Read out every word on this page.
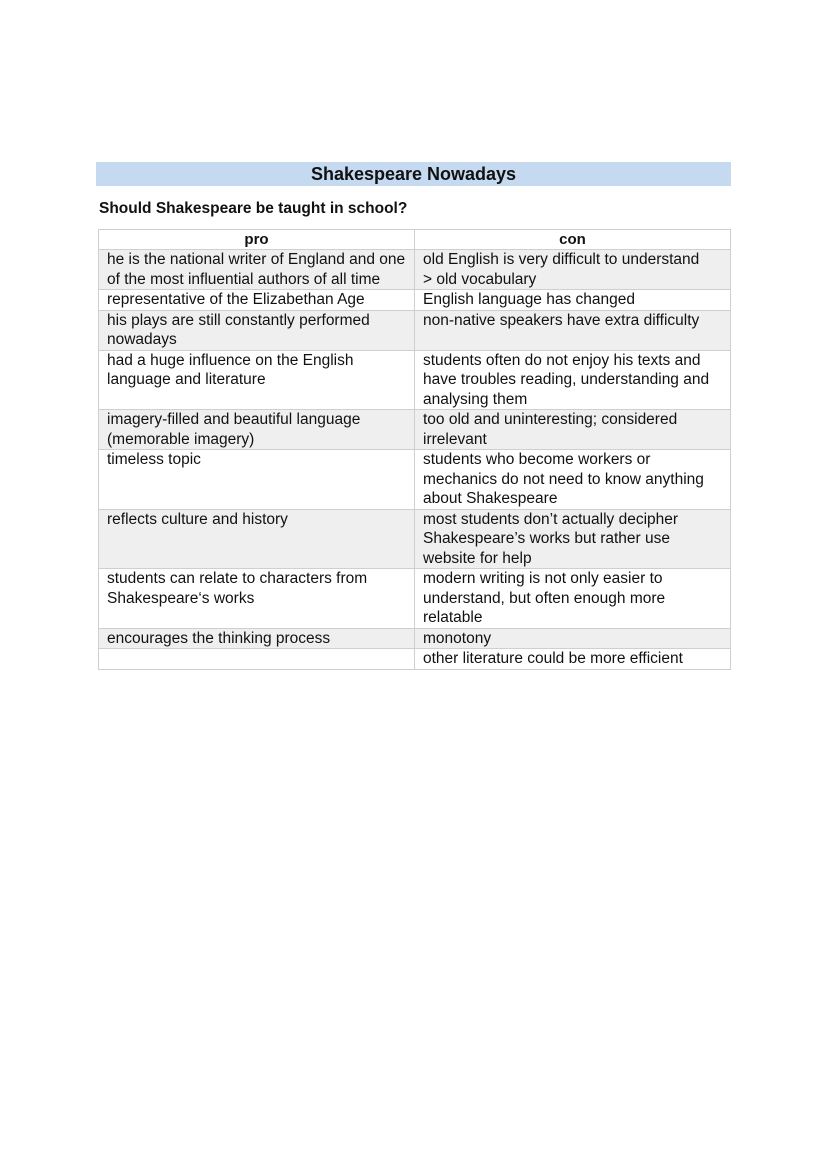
Shakespeare Nowadays
Should Shakespeare be taught in school?
pro	con
he is the national writer of England and one of the most influential authors of all time	old English is very difficult to understand
> old vocabulary
representative of the Elizabethan Age	English language has changed
his plays are still constantly performed nowadays	non-native speakers have extra difficulty
had a huge influence on the English language and literature	students often do not enjoy his texts and have troubles reading, understanding and analysing them
imagery-filled and beautiful language (memorable imagery)	too old and uninteresting; considered irrelevant
timeless topic	students who become workers or mechanics do not need to know anything about Shakespeare
reflects culture and history	most students don’t actually decipher Shakespeare’s works but rather use website for help
students can relate to characters from Shakespeare‘s works	modern writing is not only easier to understand, but often enough more relatable
encourages the thinking process	monotony
	other literature could be more efficient
